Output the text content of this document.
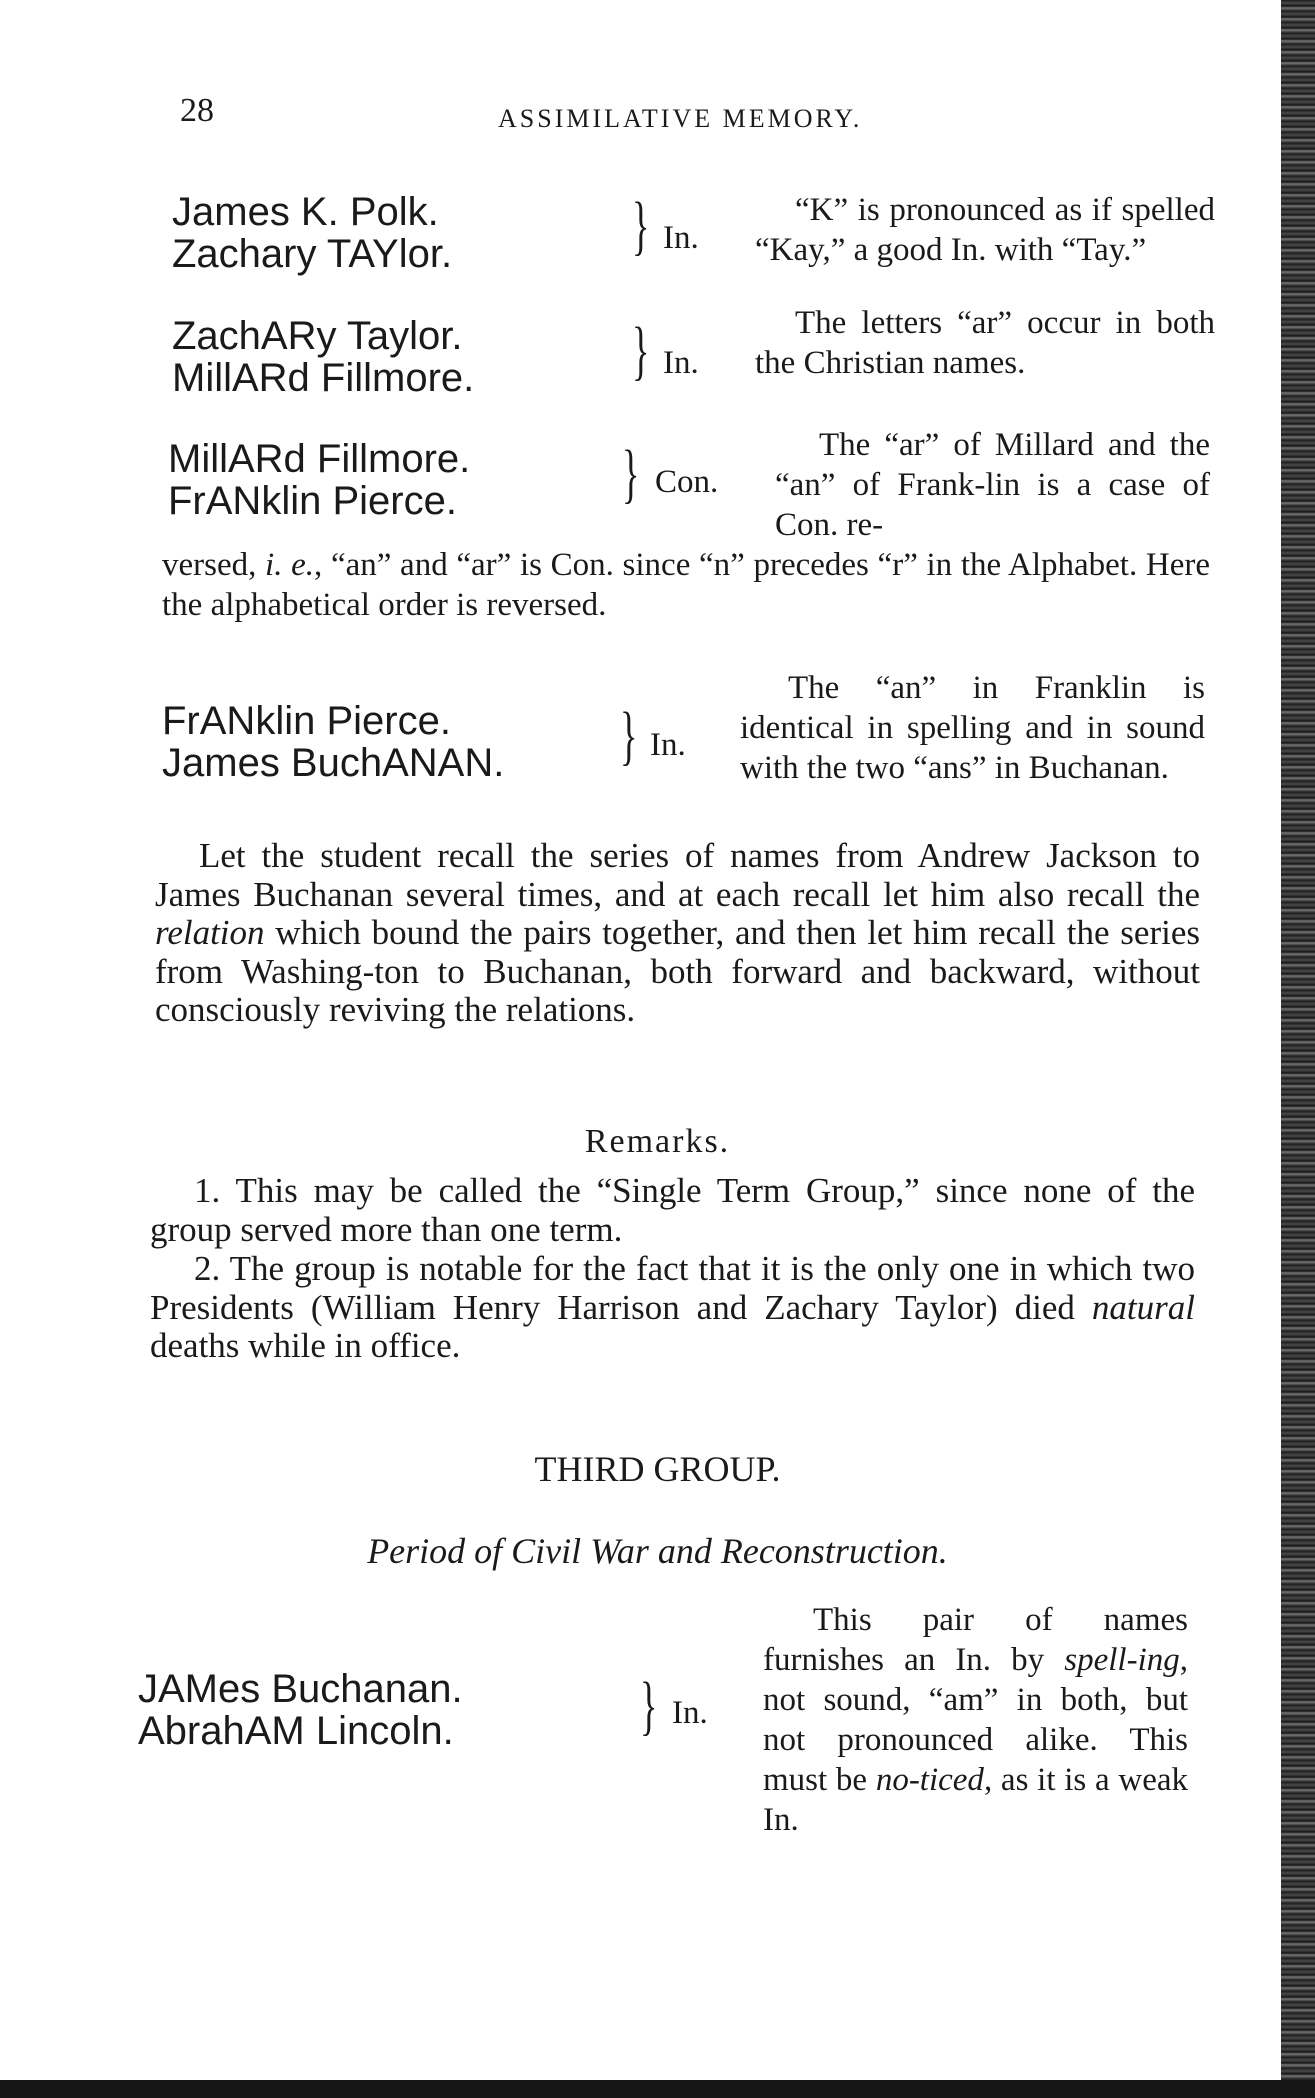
28	ASSIMILATIVE MEMORY.
James K. Polk.
Zachary TAYlor.	} In.
“K” is pronounced as if spelled “Kay,” a good In. with “Tay.”
ZachARy Taylor.
MillARd Fillmore. } In.
The letters “ar” occur in both the Christian names.
MillARd Fillmore.
FrANklin Pierce.	} Con.
The “ar” of Millard and the “an” of Frank-lin is a case of Con. re-
versed, i. e., “an” and “ar” is Con. since “n” precedes “r” in the Alphabet. Here the alphabetical order is reversed.
FrANklin Pierce.
James BuchANAN. } In.
The “an” in Franklin is identical in spelling and in sound with the two “ans” in Buchanan.
Let the student recall the series of names from Andrew Jackson to James Buchanan several times, and at each recall let him also recall the relation which bound the pairs together, and then let him recall the series from Washing-ton to Buchanan, both forward and backward, without consciously reviving the relations.
Remarks.
1. This may be called the “Single Term Group,” since none of the group served more than one term.
2. The group is notable for the fact that it is the only one in which two Presidents (William Henry Harrison and Zachary Taylor) died natural deaths while in office.
THIRD GROUP.
Period of Civil War and Reconstruction.
JAMes Buchanan.
AbrahAM Lincoln.	} In.
This pair of names furnishes an In. by spell-ing, not sound, “am” in both, but not pronounced alike. This must be no-ticed, as it is a weak In.
